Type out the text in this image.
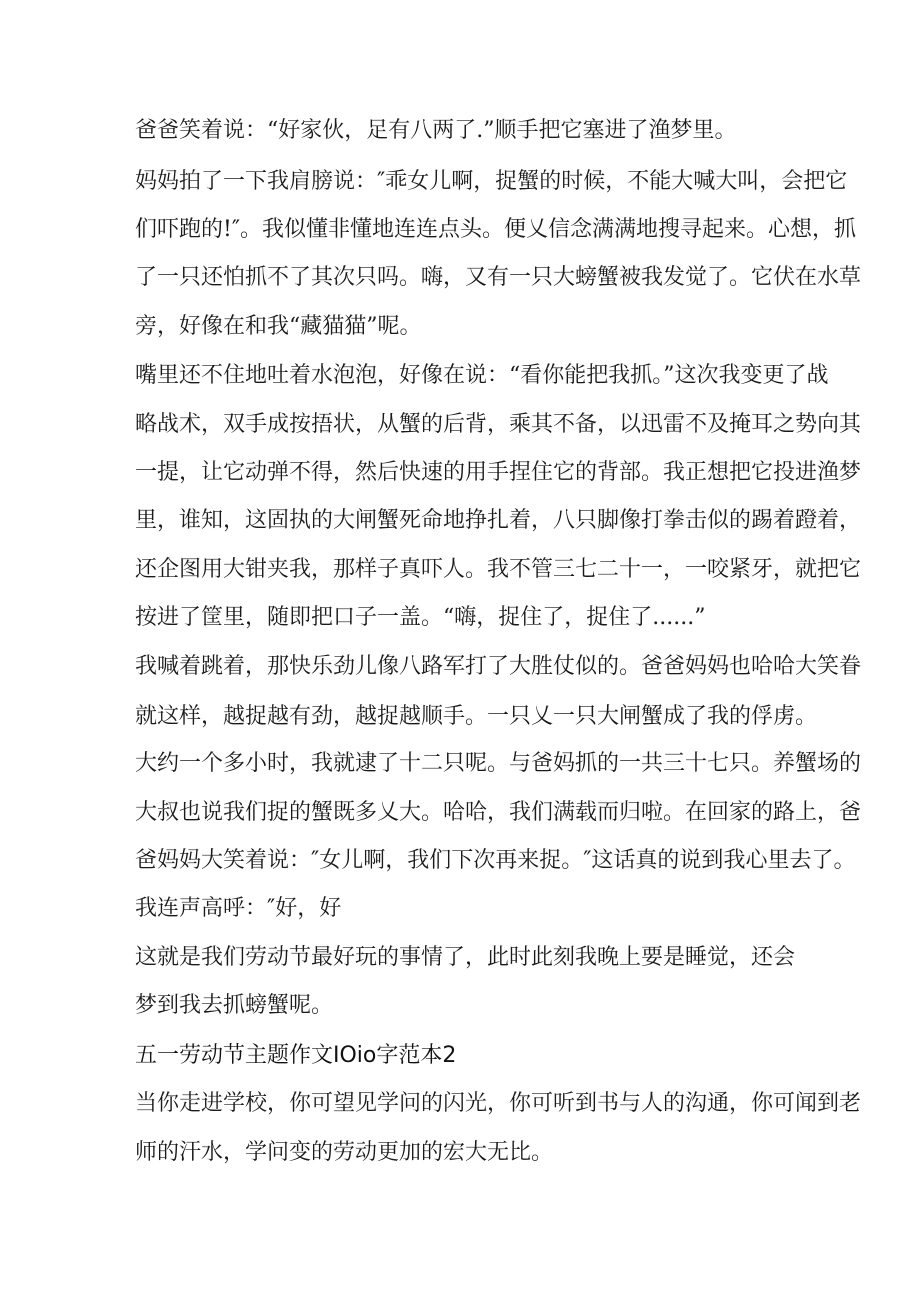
爸爸笑着说：“好家伙，足有八两了.”顺手把它塞进了渔梦里。
妈妈拍了一下我肩膀说：″乖女儿啊，捉蟹的时候，不能大喊大叫，会把它
们吓跑的!″。我似懂非懂地连连点头。便乂信念满满地搜寻起来。心想，抓
了一只还怕抓不了其次只吗。嗨，又有一只大螃蟹被我发觉了。它伏在水草
旁，好像在和我“藏猫猫”呢。
嘴里还不住地吐着水泡泡，好像在说：“看你能把我抓。”这次我变更了战
略战术，双手成按捂状，从蟹的后背，乘其不备，以迅雷不及掩耳之势向其
一提，让它动弹不得，然后快速的用手捏住它的背部。我正想把它投进渔梦
里，谁知，这固执的大闸蟹死命地挣扎着，八只脚像打拳击似的踢着蹬着，
还企图用大钳夹我，那样子真吓人。我不管三七二十一，一咬紧牙，就把它
按进了筐里，随即把口子一盖。“嗨，捉住了，捉住了......”
我喊着跳着，那快乐劲儿像八路军打了大胜仗似的。爸爸妈妈也哈哈大笑眷
就这样，越捉越有劲，越捉越顺手。一只乂一只大闸蟹成了我的俘虏。
大约一个多小时，我就逮了十二只呢。与爸妈抓的一共三十七只。养蟹场的
大叔也说我们捉的蟹既多乂大。哈哈，我们满载而归啦。在回家的路上，爸
爸妈妈大笑着说：″女儿啊，我们下次再来捉。″这话真的说到我心里去了。
我连声高呼：″好，好
这就是我们劳动节最好玩的事情了，此时此刻我晚上要是睡觉，还会
梦到我去抓螃蟹呢。
五一劳动节主题作文IOio字范本2
当你走进学校，你可望见学问的闪光，你可听到书与人的沟通，你可闻到老
师的汗水，学问变的劳动更加的宏大无比。
